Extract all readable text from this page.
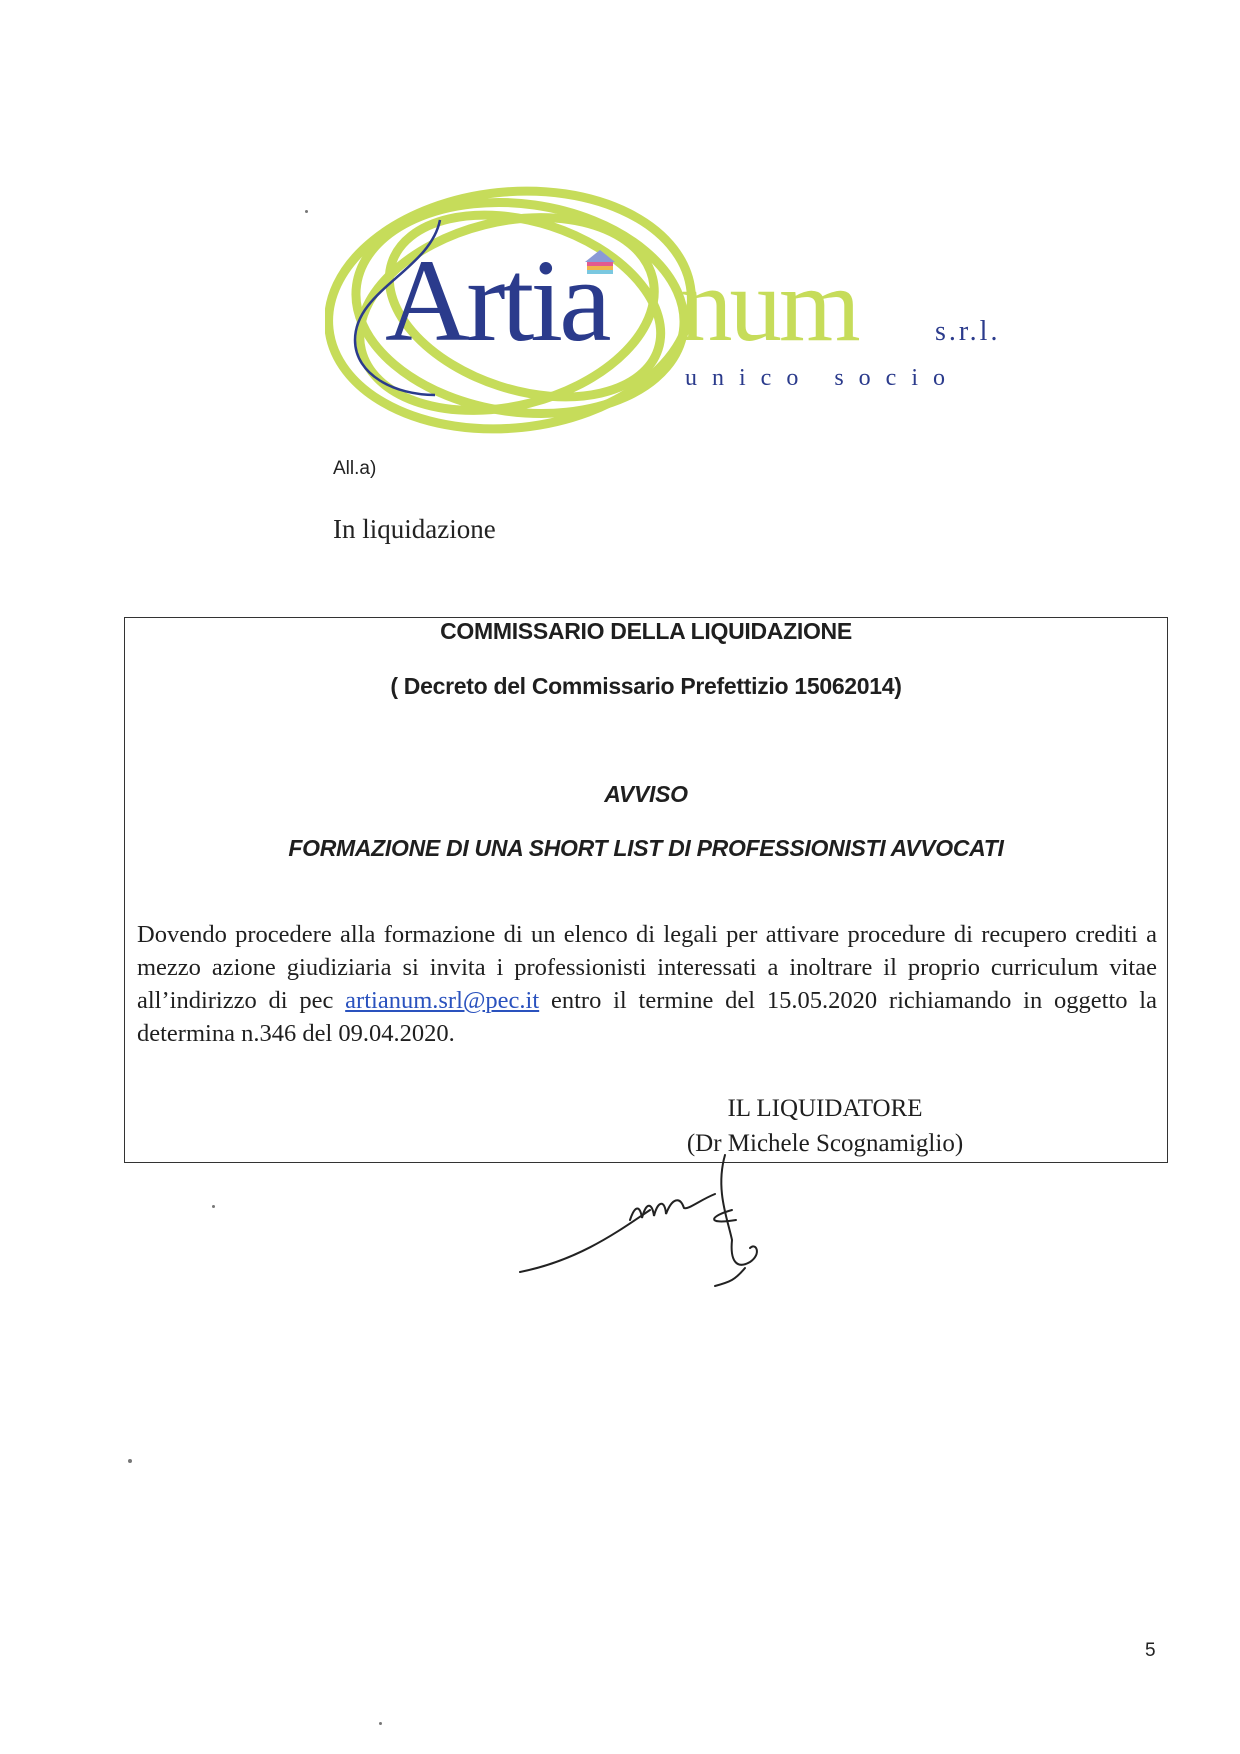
Artia num	s.r.l.
unico socio
All.a)
In liquidazione
COMMISSARIO DELLA LIQUIDAZIONE
( Decreto del Commissario Prefettizio 15062014)
AVVISO
FORMAZIONE DI UNA SHORT LIST DI PROFESSIONISTI AVVOCATI
Dovendo procedere alla formazione di un elenco di legali per attivare procedure di recupero crediti a mezzo azione giudiziaria si invita i professionisti interessati a inoltrare il proprio curriculum vitae all’indirizzo di pec artianum.srl@pec.it entro il termine del 15.05.2020 richiamando in oggetto la determina n.346 del 09.04.2020.
IL LIQUIDATORE
(Dr Michele Scognamiglio)
5
